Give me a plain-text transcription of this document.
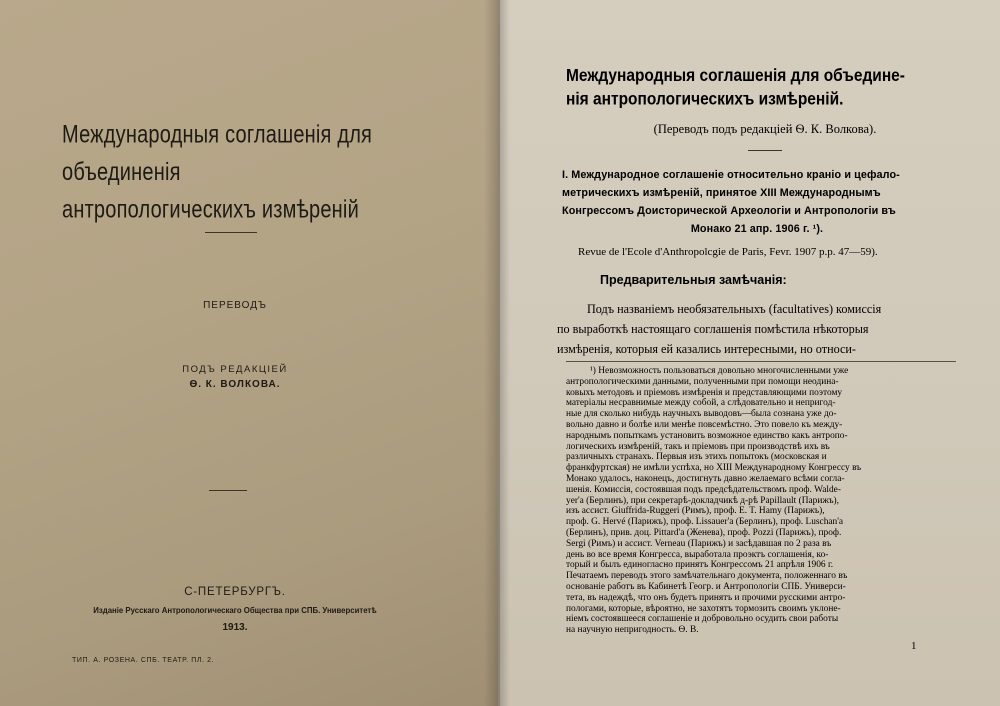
Международныя соглашенія для объединенія
антропологическихъ измѣреній
ПЕРЕВОДЪ
ПОДЪ РЕДАКЦІЕЙ
Ѳ. К. ВОЛКОВА.
С-ПЕТЕРБУРГЪ.
Изданіе Русскаго Антропологическаго Общества при СПБ. Университетѣ
1913.
ТИП. А. РОЗЕНА. СПБ. ТЕАТР. ПЛ. 2.
Международныя соглашенія для объедине-
нія антропологическихъ измѣреній.
(Переводъ подъ редакціей Ѳ. К. Волкова).
I. Международное соглашеніе относительно краніо и цефало-
метрическихъ измѣреній, принятое XIII Международнымъ
Конгрессомъ Доисторической Археологіи и Антропологіи въ
Монако 21 апр. 1906 г. ¹).
Revue de l'Ecole d'Anthropolcgie de Paris, Fevr. 1907 p.p. 47—59).
Предварительныя замѣчанія:
Подъ названіемъ необязательныхъ (facultatives) комиссія
по выработкѣ настоящаго соглашенія помѣстила нѣкоторыя
измѣренія, которыя ей казались интересными, но относи-
¹) Невозможность пользоваться довольно многочисленными уже
антропологическими данными, полученными при помощи неодина-
ковыхъ методовъ и пріемовъ измѣренія и представляющими поэтому
матеріалы несравнимые между собой, а слѣдовательно и непригод-
ные для сколько нибудь научныхъ выводовъ—была сознана уже до-
вольно давно и болѣе или менѣе повсемѣстно. Это повело къ между-
народнымъ попыткамъ установить возможное единство какъ антропо-
логическихъ измѣреній, такъ и пріемовъ при производствѣ ихъ въ
различныхъ странахъ. Первыя изъ этихъ попытокъ (московская и
франкфуртская) не имѣли успѣха, но XIII Международному Конгрессу въ
Монако удалось, наконецъ, достигнуть давно желаемаго всѣми согла-
шенія. Комиссія, состоявшая подъ предсѣдательствомъ проф. Walde-
yer'а (Берлинъ), при секретарѣ-докладчикѣ д-рѣ Papillault (Парижъ),
изъ ассист. Giuffrida-Ruggeri (Римъ), проф. E. T. Hamy (Парижъ),
проф. G. Hervé (Парижъ), проф. Lissauer'а (Берлинъ), проф. Luschan'а
(Берлинъ), прив. доц. Pittard'а (Женева), проф. Pozzi (Парижъ), проф.
Sergi (Римъ) и ассист. Verneau (Парижъ) и засѣдавшая по 2 раза въ
день во все время Конгресса, выработала проэктъ соглашенія, ко-
торый и былъ единогласно принятъ Конгрессомъ 21 апрѣля 1906 г.
Печатаемъ переводъ этого замѣчательнаго документа, положеннаго въ
основаніе работъ въ Кабинетѣ Геогр. и Антропологіи СПБ. Универси-
тета, въ надеждѣ, что онъ будетъ принятъ и прочими русскими антро-
пологами, которые, вѣроятно, не захотятъ тормозить своимъ уклоне-
ніемъ состоявшееся соглашеніе и добровольно осудить свои работы
на научную непригодность. Ѳ. В.
1
